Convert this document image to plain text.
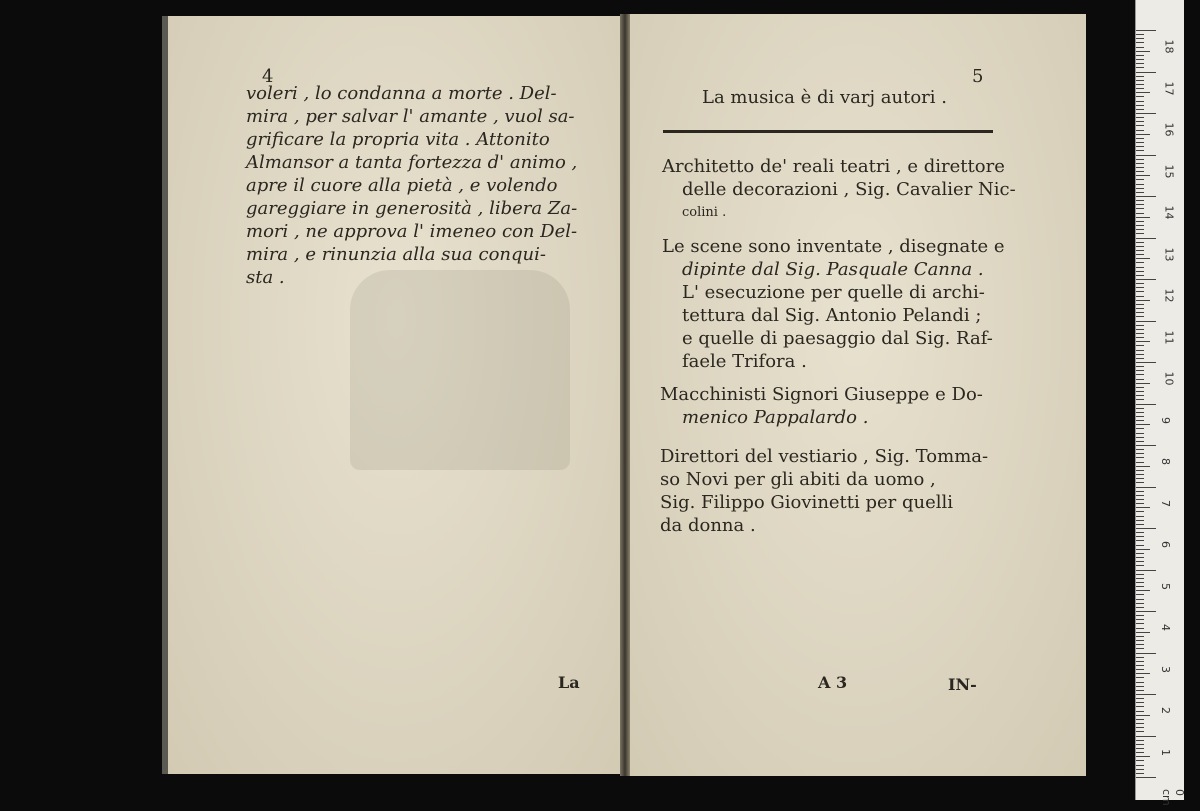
4
voleri , lo condanna a morte . Del-
mira , per salvar l' amante , vuol sa-
grificare la propria vita . Attonito
Almansor a tanta fortezza d' animo ,
apre il cuore alla pietà , e volendo
gareggiare in generosità , libera Za-
mori , ne approva l' imeneo con Del-
mira , e rinunzia alla sua conqui-
sta .
La
5
La musica è di varj autori .
Architetto de' reali teatri , e direttore
delle decorazioni , Sig. Cavalier Nic-
colini .
Le scene sono inventate , disegnate e
dipinte dal Sig. Pasquale Canna .
L' esecuzione per quelle di archi-
tettura dal Sig. Antonio Pelandi ;
e quelle di paesaggio dal Sig. Raf-
faele Trifora .
Macchinisti Signori Giuseppe e Do-
menico Pappalardo .
Direttori del vestiario , Sig. Tomma-
so Novi per gli abiti da uomo ,
Sig. Filippo Giovinetti per quelli
da donna .
A 3	IN-
18
17
16
15
14
13
12
11
10
9
8
7
6
5
4
3
2
1
0 cm
